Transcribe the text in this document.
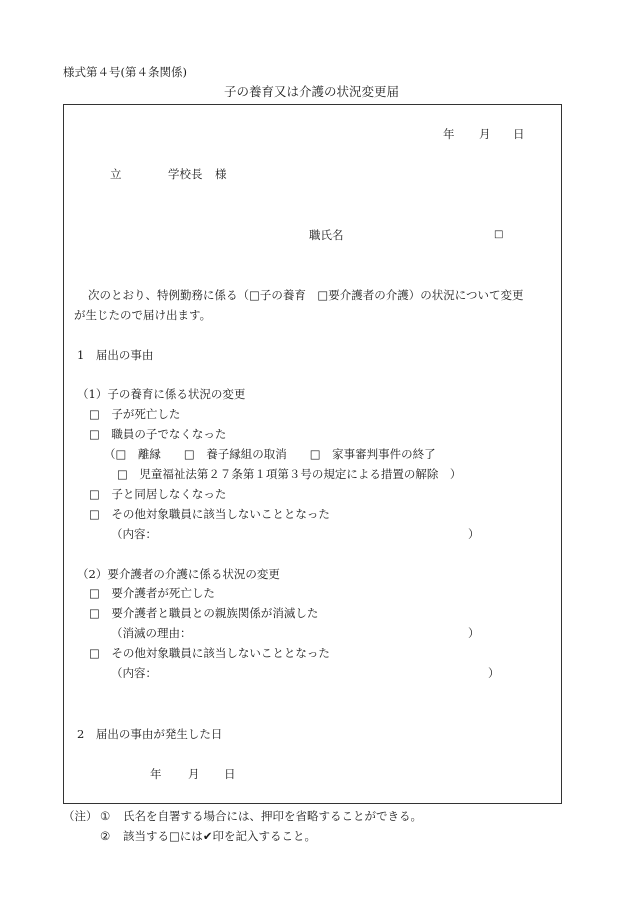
様式第４号(第４条関係)
子の養育又は介護の状況変更届
年 月 日
立	学校長 様
職氏名	□
次のとおり、特例勤務に係る（□子の養育　□要介護者の介護）の状況について変更
が生じたので届け出ます。
1　届出の事由
（1）子の養育に係る状況の変更
□　子が死亡した
□　職員の子でなくなった
（□　離縁　　□　養子縁組の取消　　□　家事審判事件の終了
□　児童福祉法第２７条第１項第３号の規定による措置の解除　）
□　子と同居しなくなった
□　その他対象職員に該当しないこととなった
（内容：	）
（2）要介護者の介護に係る状況の変更
□　要介護者が死亡した
□　要介護者と職員との親族関係が消滅した
（消滅の理由：	）
□　その他対象職員に該当しないこととなった
（内容：	）
2　届出の事由が発生した日
年 月 日
（注） ① 氏名を自署する場合には、押印を省略することができる。
② 該当する□には✔印を記入すること。
